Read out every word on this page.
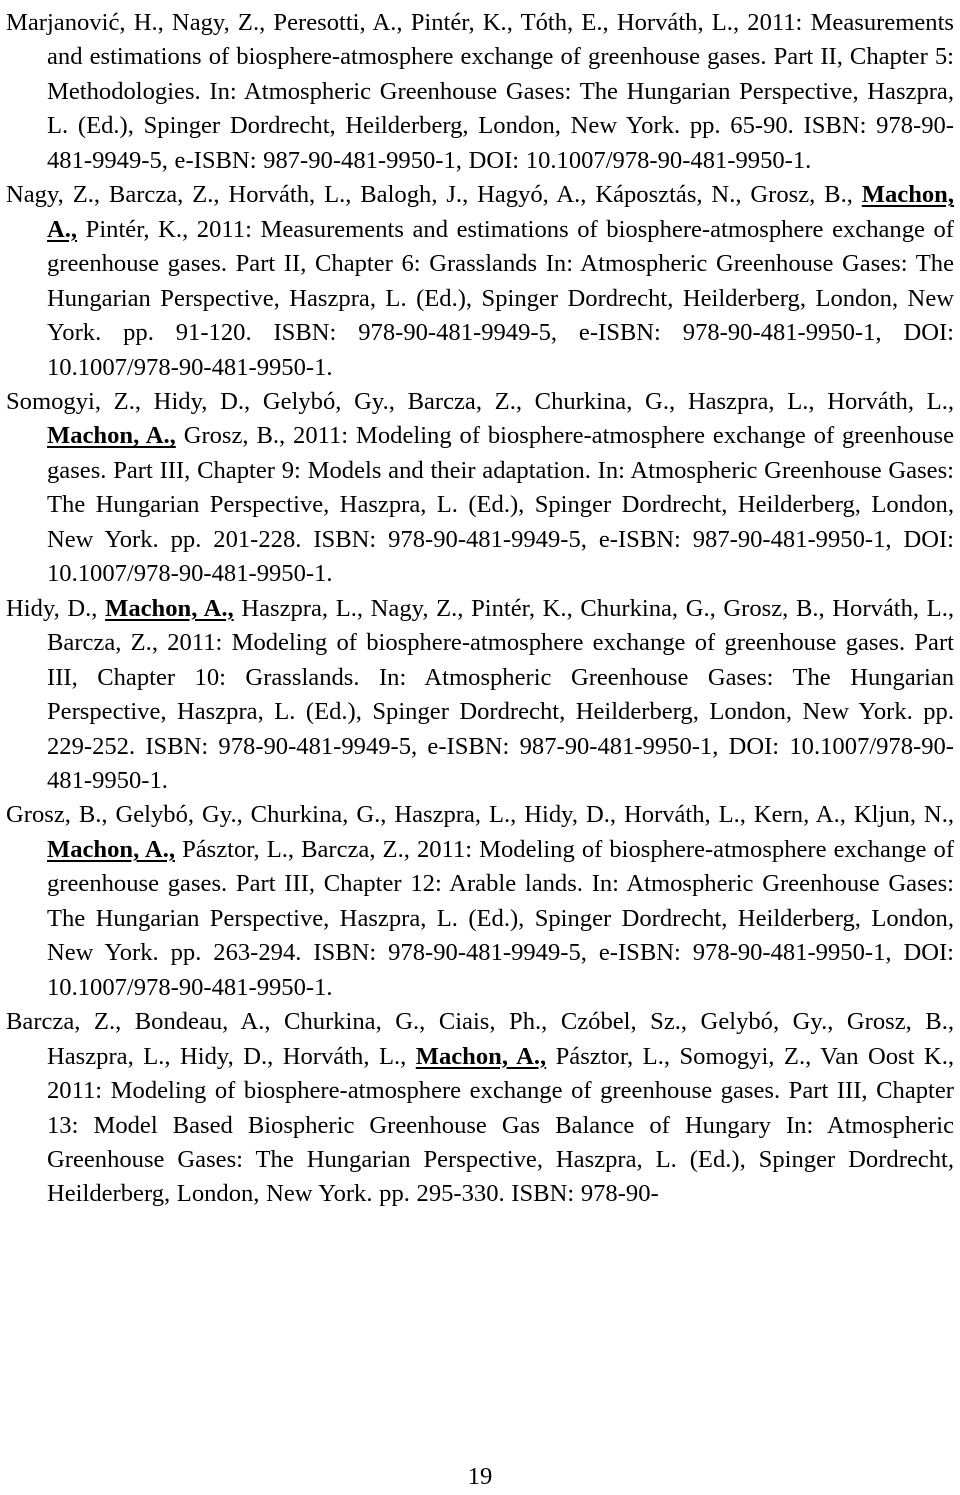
Marjanović, H., Nagy, Z., Peresotti, A., Pintér, K., Tóth, E., Horváth, L., 2011: Measurements and estimations of biosphere-atmosphere exchange of greenhouse gases. Part II, Chapter 5: Methodologies. In: Atmospheric Greenhouse Gases: The Hungarian Perspective, Haszpra, L. (Ed.), Spinger Dordrecht, Heilderberg, London, New York. pp. 65-90. ISBN: 978-90-481-9949-5, e-ISBN: 987-90-481-9950-1, DOI: 10.1007/978-90-481-9950-1.

Nagy, Z., Barcza, Z., Horváth, L., Balogh, J., Hagyó, A., Káposztás, N., Grosz, B., Machon, A., Pintér, K., 2011: Measurements and estimations of biosphere-atmosphere exchange of greenhouse gases. Part II, Chapter 6: Grasslands In: Atmospheric Greenhouse Gases: The Hungarian Perspective, Haszpra, L. (Ed.), Spinger Dordrecht, Heilderberg, London, New York. pp. 91-120. ISBN: 978-90-481-9949-5, e-ISBN: 978-90-481-9950-1, DOI: 10.1007/978-90-481-9950-1.

Somogyi, Z., Hidy, D., Gelybó, Gy., Barcza, Z., Churkina, G., Haszpra, L., Horváth, L., Machon, A., Grosz, B., 2011: Modeling of biosphere-atmosphere exchange of greenhouse gases. Part III, Chapter 9: Models and their adaptation. In: Atmospheric Greenhouse Gases: The Hungarian Perspective, Haszpra, L. (Ed.), Spinger Dordrecht, Heilderberg, London, New York. pp. 201-228. ISBN: 978-90-481-9949-5, e-ISBN: 987-90-481-9950-1, DOI: 10.1007/978-90-481-9950-1.

Hidy, D., Machon, A., Haszpra, L., Nagy, Z., Pintér, K., Churkina, G., Grosz, B., Horváth, L., Barcza, Z., 2011: Modeling of biosphere-atmosphere exchange of greenhouse gases. Part III, Chapter 10: Grasslands. In: Atmospheric Greenhouse Gases: The Hungarian Perspective, Haszpra, L. (Ed.), Spinger Dordrecht, Heilderberg, London, New York. pp. 229-252. ISBN: 978-90-481-9949-5, e-ISBN: 987-90-481-9950-1, DOI: 10.1007/978-90-481-9950-1.

Grosz, B., Gelybó, Gy., Churkina, G., Haszpra, L., Hidy, D., Horváth, L., Kern, A., Kljun, N., Machon, A., Pásztor, L., Barcza, Z., 2011: Modeling of biosphere-atmosphere exchange of greenhouse gases. Part III, Chapter 12: Arable lands. In: Atmospheric Greenhouse Gases: The Hungarian Perspective, Haszpra, L. (Ed.), Spinger Dordrecht, Heilderberg, London, New York. pp. 263-294. ISBN: 978-90-481-9949-5, e-ISBN: 978-90-481-9950-1, DOI: 10.1007/978-90-481-9950-1.

Barcza, Z., Bondeau, A., Churkina, G., Ciais, Ph., Czóbel, Sz., Gelybó, Gy., Grosz, B., Haszpra, L., Hidy, D., Horváth, L., Machon, A., Pásztor, L., Somogyi, Z., Van Oost K., 2011: Modeling of biosphere-atmosphere exchange of greenhouse gases. Part III, Chapter 13: Model Based Biospheric Greenhouse Gas Balance of Hungary In: Atmospheric Greenhouse Gases: The Hungarian Perspective, Haszpra, L. (Ed.), Spinger Dordrecht, Heilderberg, London, New York. pp. 295-330. ISBN: 978-90-

19
